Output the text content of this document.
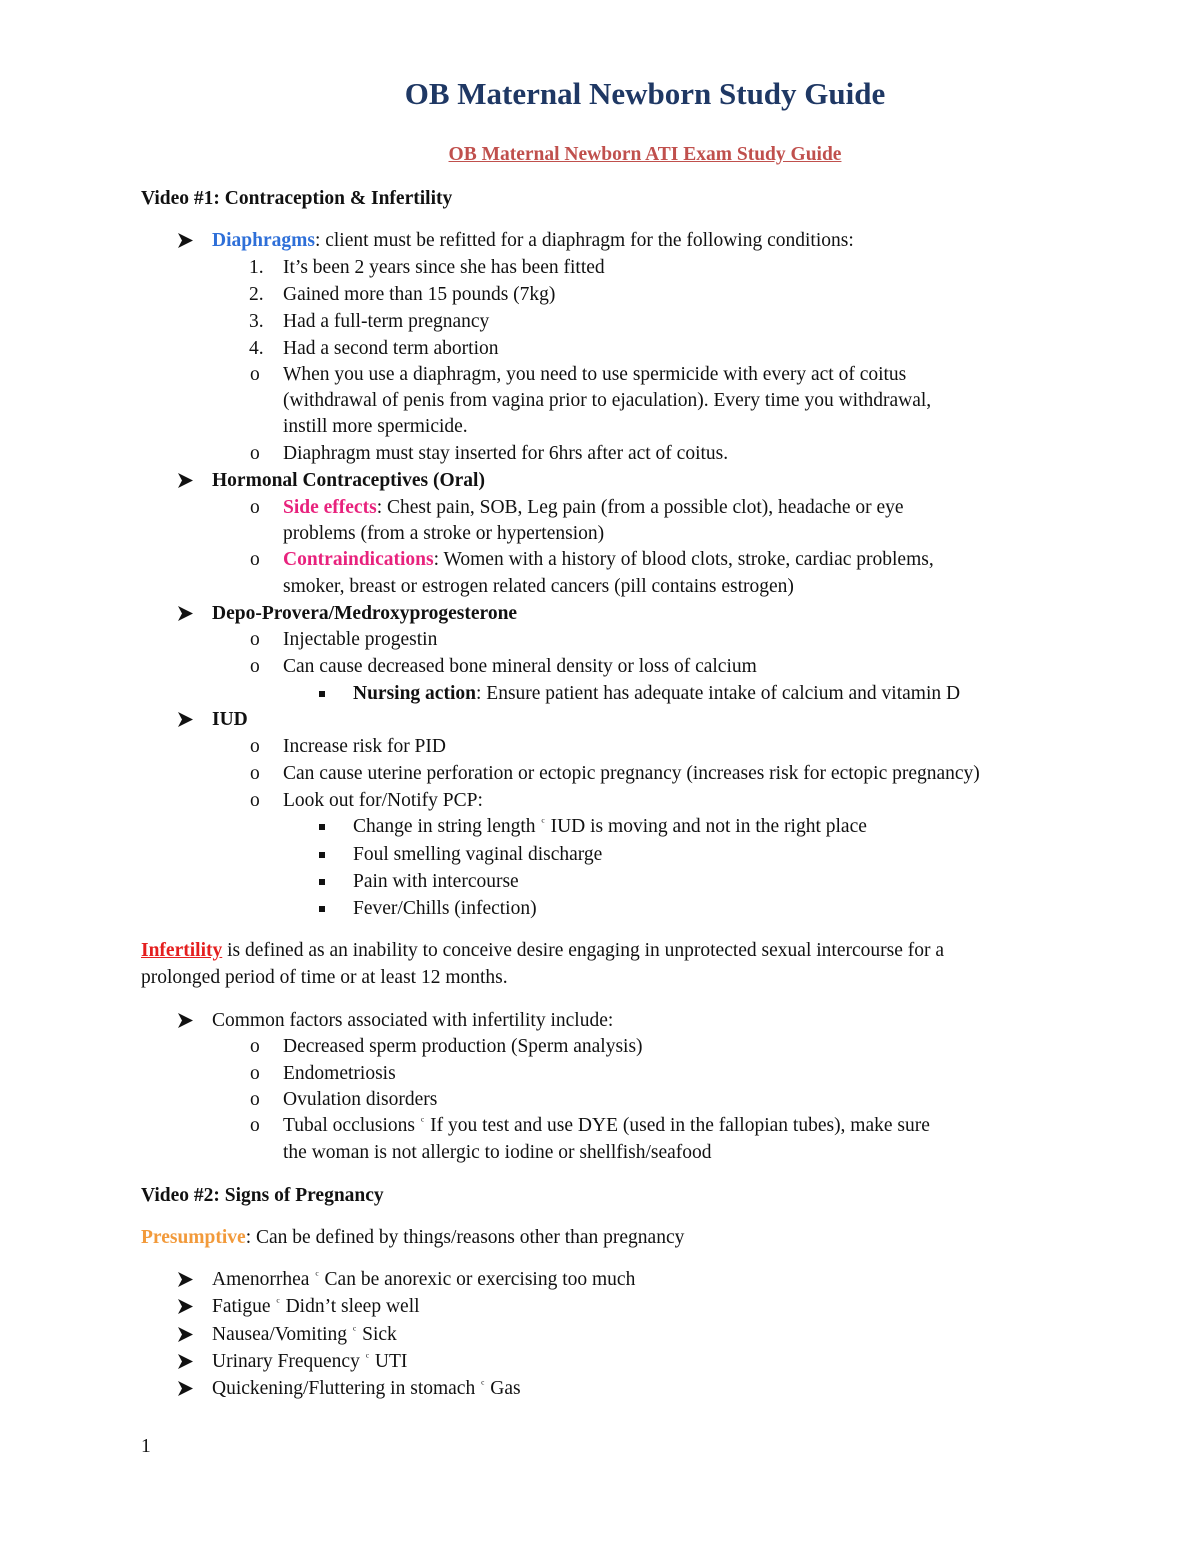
OB Maternal Newborn Study Guide
OB Maternal Newborn ATI Exam Study Guide
Video #1: Contraception & Infertility
Diaphragms: client must be refitted for a diaphragm for the following conditions:
1. It’s been 2 years since she has been fitted
2. Gained more than 15 pounds (7kg)
3. Had a full-term pregnancy
4. Had a second term abortion
o When you use a diaphragm, you need to use spermicide with every act of coitus
(withdrawal of penis from vagina prior to ejaculation). Every time you withdrawal,
instill more spermicide.
o Diaphragm must stay inserted for 6hrs after act of coitus.
Hormonal Contraceptives (Oral)
o Side effects: Chest pain, SOB, Leg pain (from a possible clot), headache or eye
problems (from a stroke or hypertension)
o Contraindications: Women with a history of blood clots, stroke, cardiac problems,
smoker, breast or estrogen related cancers (pill contains estrogen)
Depo-Provera/Medroxyprogesterone
o Injectable progestin
o Can cause decreased bone mineral density or loss of calcium
Nursing action: Ensure patient has adequate intake of calcium and vitamin D
IUD
o Increase risk for PID
o Can cause uterine perforation or ectopic pregnancy (increases risk for ectopic pregnancy)
o Look out for/Notify PCP:
Change in string length ᶜ IUD is moving and not in the right place
Foul smelling vaginal discharge
Pain with intercourse
Fever/Chills (infection)
Infertility is defined as an inability to conceive desire engaging in unprotected sexual intercourse for a
prolonged period of time or at least 12 months.
Common factors associated with infertility include:
o Decreased sperm production (Sperm analysis)
o Endometriosis
o Ovulation disorders
o Tubal occlusions ᶜ If you test and use DYE (used in the fallopian tubes), make sure
the woman is not allergic to iodine or shellfish/seafood
Video #2: Signs of Pregnancy
Presumptive: Can be defined by things/reasons other than pregnancy
Amenorrhea ᶜ Can be anorexic or exercising too much
Fatigue ᶜ Didn’t sleep well
Nausea/Vomiting ᶜ Sick
Urinary Frequency ᶜ UTI
Quickening/Fluttering in stomach ᶜ Gas
1
